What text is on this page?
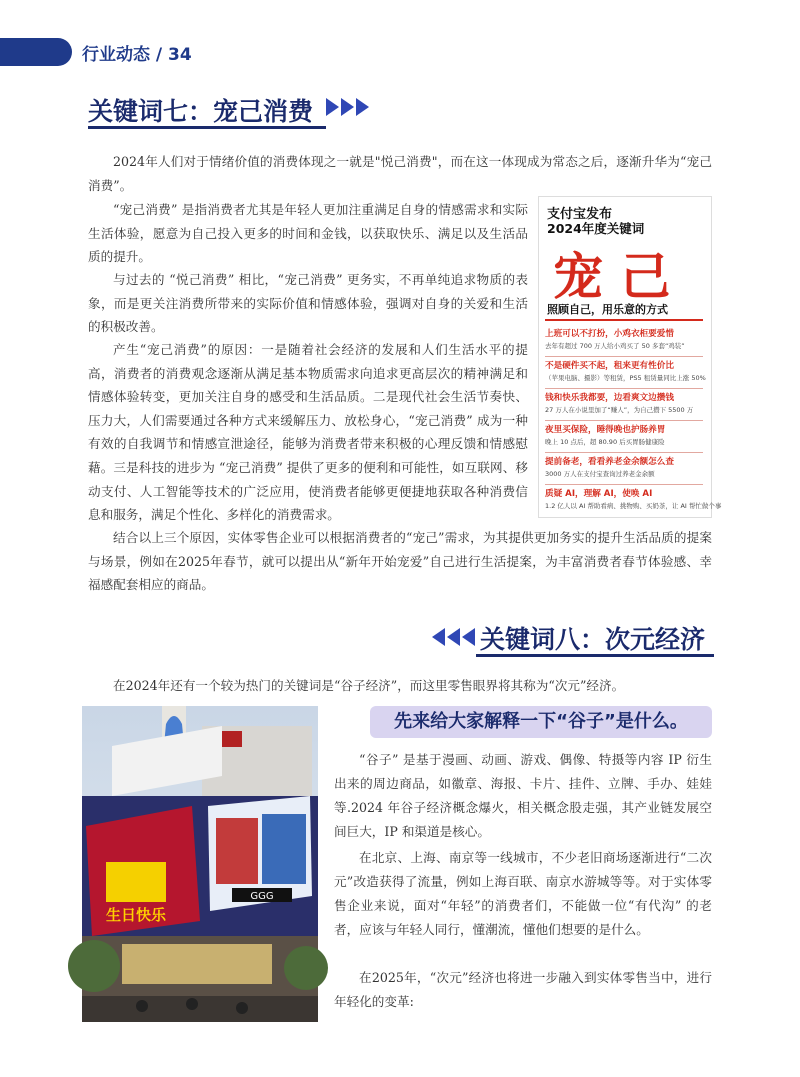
行业动态 / 34
关键词七：宠己消费
2024年人们对于情绪价值的消费体现之一就是"悦己消费"，而在这一体现成为常态之后，逐渐升华为“宠己消费”。
“宠己消费” 是指消费者尤其是年轻人更加注重满足自身的情感需求和实际生活体验，愿意为自己投入更多的时间和金钱，以获取快乐、满足以及生活品质的提升。
与过去的 “悦己消费” 相比，“宠己消费” 更务实，不再单纯追求物质的表象，而是更关注消费所带来的实际价值和情感体验，强调对自身的关爱和生活的积极改善。
产生“宠己消费”的原因：一是随着社会经济的发展和人们生活水平的提高，消费者的消费观念逐渐从满足基本物质需求向追求更高层次的精神满足和情感体验转变，更加关注自身的感受和生活品质。二是现代社会生活节奏快、压力大，人们需要通过各种方式来缓解压力、放松身心，“宠己消费” 成为一种有效的自我调节和情感宣泄途径，能够为消费者带来积极的心理反馈和情感慰藉。三是科技的进步为 “宠己消费” 提供了更多的便利和可能性，如互联网、移动支付、人工智能等技术的广泛应用，使消费者能够更便捷地获取各种消费信息和服务，满足个性化、多样化的消费需求。
结合以上三个原因，实体零售企业可以根据消费者的“宠己”需求，为其提供更加务实的提升生活品质的提案与场景，例如在2025年春节，就可以提出从“新年开始宠爱”自己进行生活提案，为丰富消费者春节体验感、幸福感配套相应的商品。
支付宝发布
2024年度关键词
宠 己
照顾自己，用乐意的方式
上班可以不打扮，小鸡衣柜要爱惜
去年有超过 700 万人给小鸡买了 50 多套“鸡装”
不是硬件买不起，租来更有性价比
（苹果电脑、摄影）等租赁，PS5 租赁量同比上涨 50%
钱和快乐我都要，边看爽文边攒钱
27 万人在小说里加了“赚人”，为自己攒下 5500 万
夜里买保险，睡得晚也护肠养胃
晚上 10 点后，超 80.90 后买胃肠健康险
提前备老，看看养老金余额怎么查
3000 万人在支付宝查询过养老金余额
质疑 AI，理解 AI，使唤 AI
1.2 亿人以 AI 帮助看病、挑物购、买奶茶，让 AI 帮忙做个事
关键词八：次元经济
在2024年还有一个较为热门的关键词是“谷子经济”，而这里零售眼界将其称为“次元”经济。
GGG
生日快乐
先来给大家解释一下“谷子”是什么。
“谷子” 是基于漫画、动画、游戏、偶像、特摄等内容 IP 衍生出来的周边商品，如徽章、海报、卡片、挂件、立牌、手办、娃娃等.2024 年谷子经济概念爆火，相关概念股走强，其产业链发展空间巨大，IP 和渠道是核心。
在北京、上海、南京等一线城市，不少老旧商场逐渐进行“二次元”改造获得了流量，例如上海百联、南京水游城等等。对于实体零售企业来说，面对“年轻”的消费者们，不能做一位“有代沟” 的老者，应该与年轻人同行，懂潮流，懂他们想要的是什么。
在2025年，“次元”经济也将进一步融入到实体零售当中，进行年轻化的变革:
